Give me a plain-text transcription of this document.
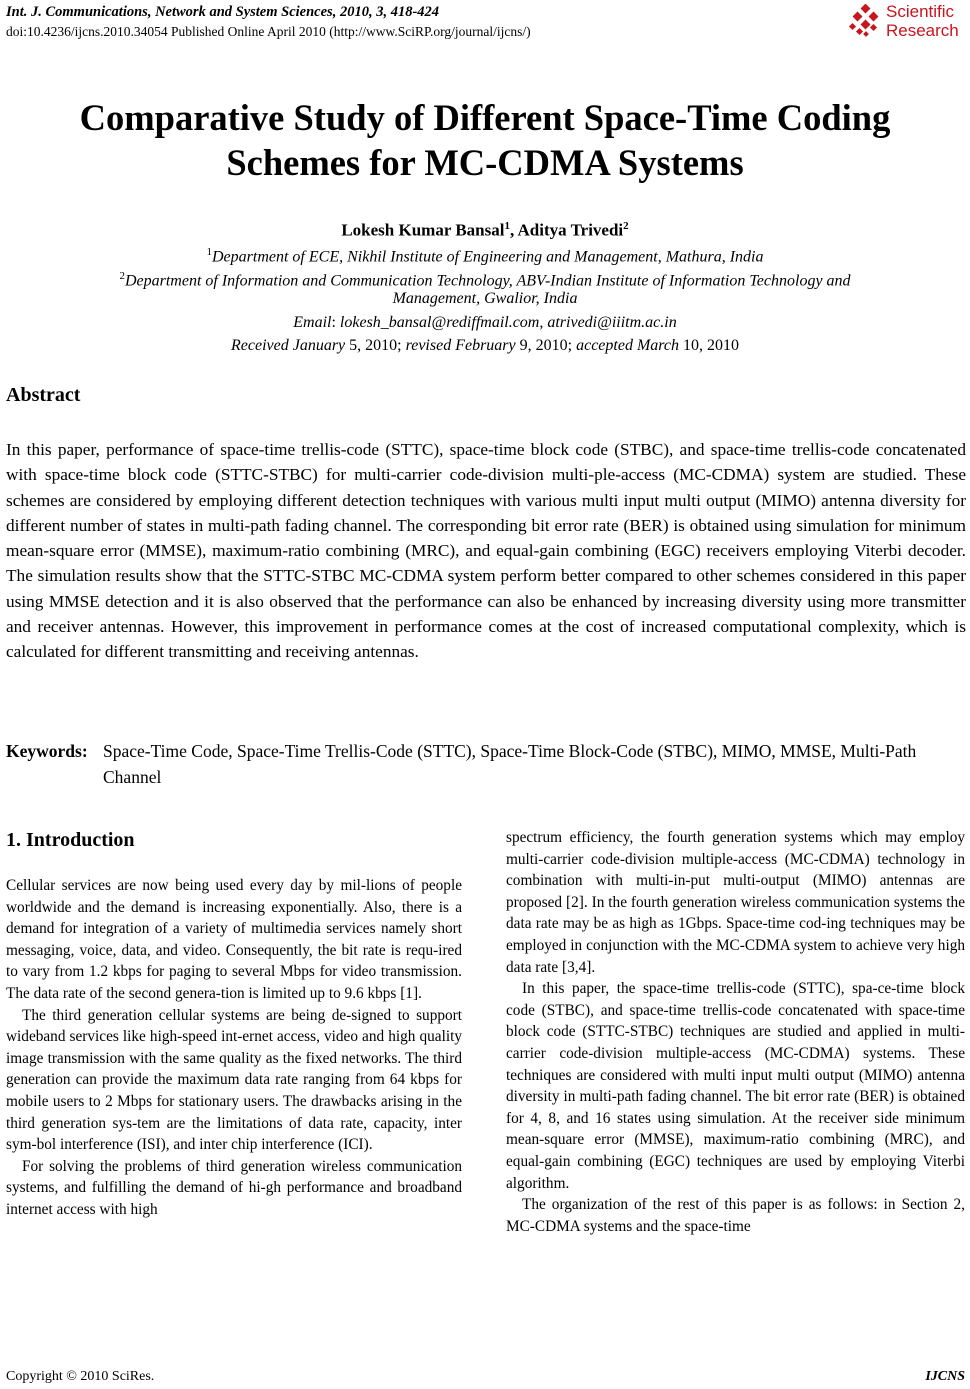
Int. J. Communications, Network and System Sciences, 2010, 3, 418-424
doi:10.4236/ijcns.2010.34054 Published Online April 2010 (http://www.SciRP.org/journal/ijcns/)
Scientific
Research
Comparative Study of Different Space-Time Coding
Schemes for MC-CDMA Systems
Lokesh Kumar Bansal$^1$, Aditya Trivedi$^2$
$^1$Department of ECE, Nikhil Institute of Engineering and Management, Mathura, India
$^2$Department of Information and Communication Technology, ABV-Indian Institute of Information Technology and
Management, Gwalior, India
Email: lokesh_bansal@rediffmail.com, atrivedi@iiitm.ac.in
Received January 5, 2010; revised February 9, 2010; accepted March 10, 2010
Abstract
In this paper, performance of space-time trellis-code (STTC), space-time block code (STBC), and space-time trellis-code concatenated with space-time block code (STTC-STBC) for multi-carrier code-division multi-ple-access (MC-CDMA) system are studied. These schemes are considered by employing different detection techniques with various multi input multi output (MIMO) antenna diversity for different number of states in multi-path fading channel. The corresponding bit error rate (BER) is obtained using simulation for minimum mean-square error (MMSE), maximum-ratio combining (MRC), and equal-gain combining (EGC) receivers employing Viterbi decoder. The simulation results show that the STTC-STBC MC-CDMA system perform better compared to other schemes considered in this paper using MMSE detection and it is also observed that the performance can also be enhanced by increasing diversity using more transmitter and receiver antennas. However, this improvement in performance comes at the cost of increased computational complexity, which is calculated for different transmitting and receiving antennas.
Keywords: Space-Time Code, Space-Time Trellis-Code (STTC), Space-Time Block-Code (STBC), MIMO, MMSE, Multi-Path Channel
1. Introduction

Cellular services are now being used every day by mil-lions of people worldwide and the demand is increasing exponentially. Also, there is a demand for integration of a variety of multimedia services namely short messaging, voice, data, and video. Consequently, the bit rate is requ-ired to vary from 1.2 kbps for paging to several Mbps for video transmission. The data rate of the second genera-tion is limited up to 9.6 kbps [1].

The third generation cellular systems are being de-signed to support wideband services like high-speed int-ernet access, video and high quality image transmission with the same quality as the fixed networks. The third generation can provide the maximum data rate ranging from 64 kbps for mobile users to 2 Mbps for stationary users. The drawbacks arising in the third generation sys-tem are the limitations of data rate, capacity, inter sym-bol interference (ISI), and inter chip interference (ICI).

For solving the problems of third generation wireless communication systems, and fulfilling the demand of hi-gh performance and broadband internet access with high

spectrum efficiency, the fourth generation systems which may employ multi-carrier code-division multiple-access (MC-CDMA) technology in combination with multi-in-put multi-output (MIMO) antennas are proposed [2]. In the fourth generation wireless communication systems the data rate may be as high as 1Gbps. Space-time cod-ing techniques may be employed in conjunction with the MC-CDMA system to achieve very high data rate [3,4].

In this paper, the space-time trellis-code (STTC), spa-ce-time block code (STBC), and space-time trellis-code concatenated with space-time block code (STTC-STBC) techniques are studied and applied in multi-carrier code-division multiple-access (MC-CDMA) systems. These techniques are considered with multi input multi output (MIMO) antenna diversity in multi-path fading channel. The bit error rate (BER) is obtained for 4, 8, and 16 states using simulation. At the receiver side minimum mean-square error (MMSE), maximum-ratio combining (MRC), and equal-gain combining (EGC) techniques are used by employing Viterbi algorithm.

The organization of the rest of this paper is as follows: in Section 2, MC-CDMA systems and the space-time

Copyright © 2010 SciRes.	IJCNS
